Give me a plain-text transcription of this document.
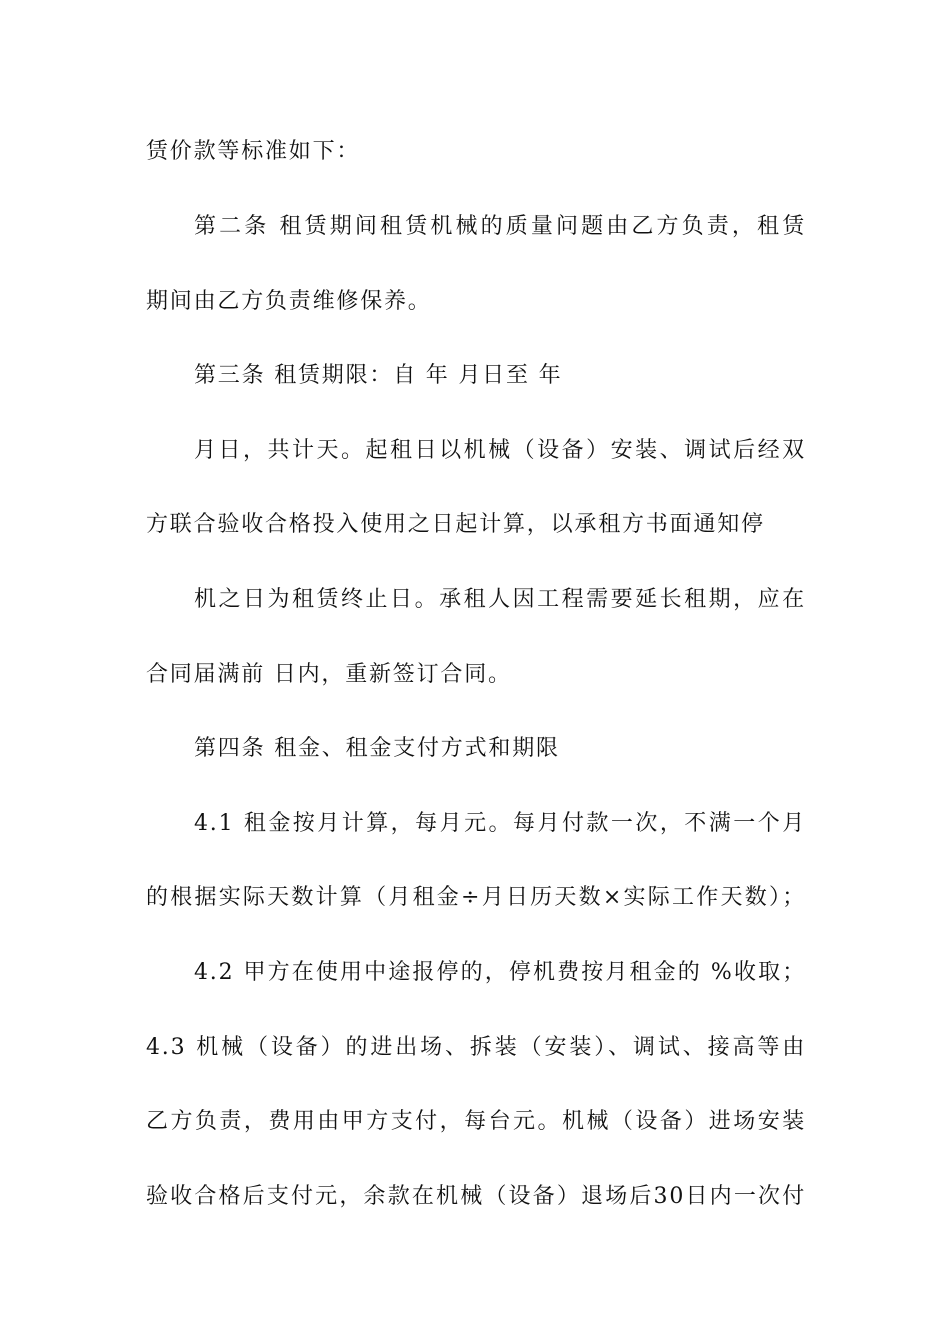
赁价款等标准如下：
第二条 租赁期间租赁机械的质量问题由乙方负责，租赁
期间由乙方负责维修保养。
第三条 租赁期限：自 年 月日至 年
月日，共计天。起租日以机械（设备）安装、调试后经双
方联合验收合格投入使用之日起计算，以承租方书面通知停
机之日为租赁终止日。承租人因工程需要延长租期，应在
合同届满前 日内，重新签订合同。
第四条 租金、租金支付方式和期限
4.1 租金按月计算，每月元。每月付款一次，不满一个月
的根据实际天数计算（月租金÷月日历天数×实际工作天数）；
4.2 甲方在使用中途报停的，停机费按月租金的 %收取；
4.3 机械（设备）的进出场、拆装（安装）、调试、接高等由
乙方负责，费用由甲方支付，每台元。机械（设备）进场安装
验收合格后支付元，余款在机械（设备）退场后30日内一次付
